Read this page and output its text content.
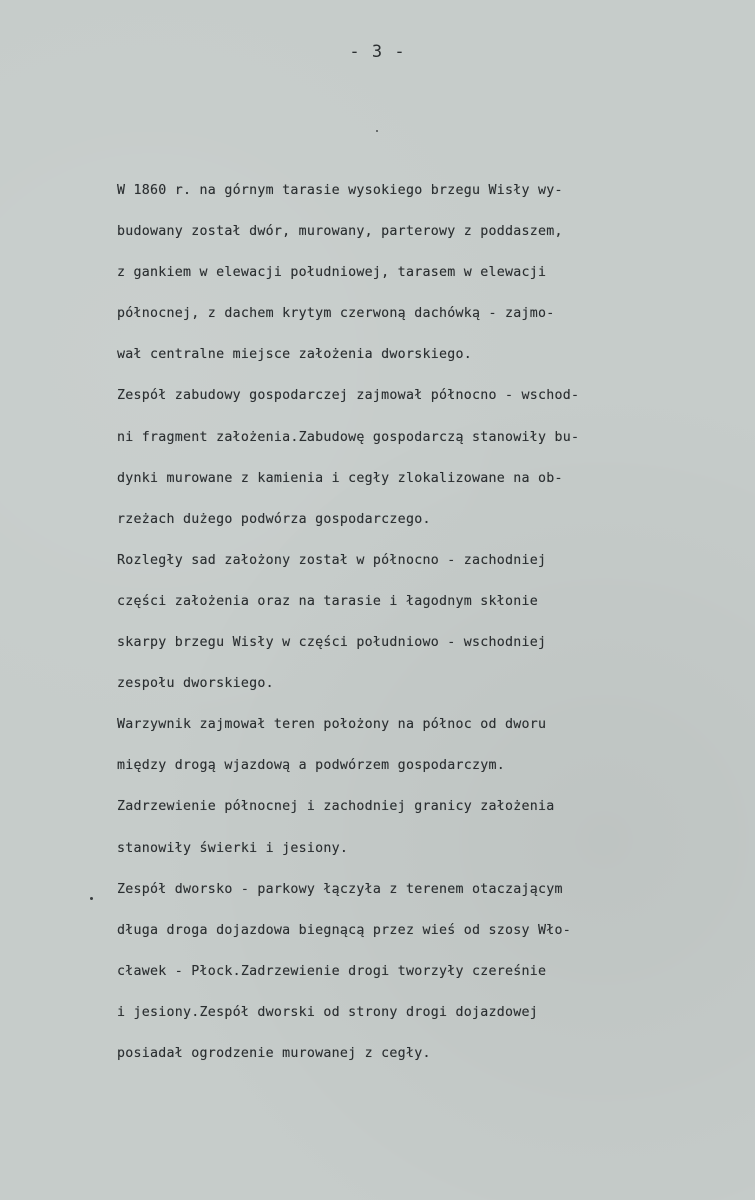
- 3 -
W 1860 r. na górnym tarasie wysokiego brzegu Wisły wy-
budowany został dwór, murowany, parterowy z poddaszem,
z gankiem w elewacji południowej, tarasem w elewacji
północnej, z dachem krytym czerwoną dachówką - zajmo-
wał centralne miejsce założenia dworskiego.
Zespół zabudowy gospodarczej zajmował północno - wschod-
ni fragment założenia.Zabudowę gospodarczą stanowiły bu-
dynki murowane z kamienia i cegły zlokalizowane na ob-
rzeżach dużego podwórza gospodarczego.
Rozległy sad założony został w północno - zachodniej
części założenia oraz na tarasie i łagodnym skłonie
skarpy brzegu Wisły w części południowo - wschodniej
zespołu dworskiego.
Warzywnik zajmował teren położony na północ od dworu
między drogą wjazdową a podwórzem gospodarczym.
Zadrzewienie północnej i zachodniej granicy założenia
stanowiły świerki i jesiony.
Zespół dworsko - parkowy łączyła z terenem otaczającym
długa droga dojazdowa biegnącą przez wieś od szosy Wło-
cławek - Płock.Zadrzewienie drogi tworzyły czereśnie
i jesiony.Zespół dworski od strony drogi dojazdowej
posiadał ogrodzenie murowanej z cegły.
